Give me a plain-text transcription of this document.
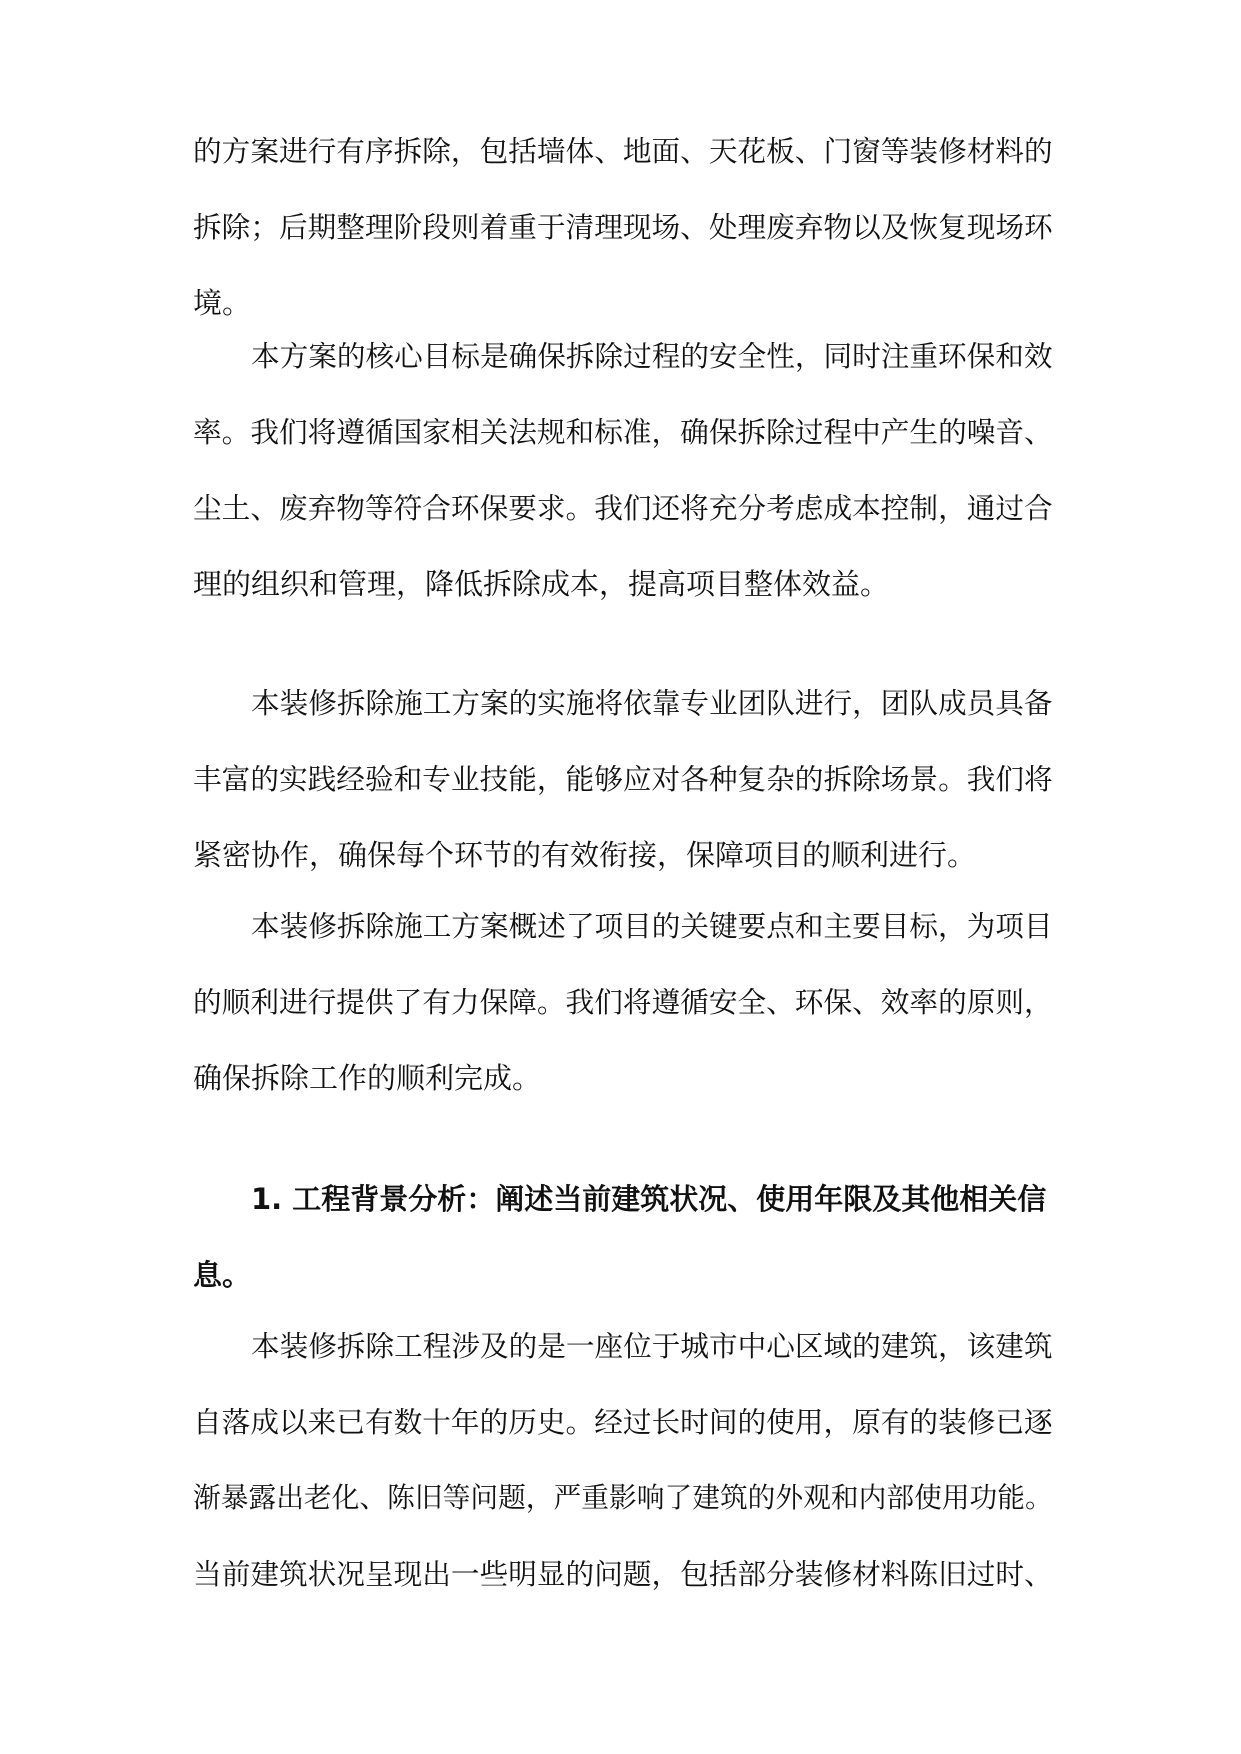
的方案进行有序拆除，包括墙体、地面、天花板、门窗等装修材料的
拆除；后期整理阶段则着重于清理现场、处理废弃物以及恢复现场环
境。
本方案的核心目标是确保拆除过程的安全性，同时注重环保和效
率。我们将遵循国家相关法规和标准，确保拆除过程中产生的噪音、
尘土、废弃物等符合环保要求。我们还将充分考虑成本控制，通过合
理的组织和管理，降低拆除成本，提高项目整体效益。
本装修拆除施工方案的实施将依靠专业团队进行，团队成员具备
丰富的实践经验和专业技能，能够应对各种复杂的拆除场景。我们将
紧密协作，确保每个环节的有效衔接，保障项目的顺利进行。
本装修拆除施工方案概述了项目的关键要点和主要目标，为项目
的顺利进行提供了有力保障。我们将遵循安全、环保、效率的原则，
确保拆除工作的顺利完成。
1. 工程背景分析：阐述当前建筑状况、使用年限及其他相关信
息。
本装修拆除工程涉及的是一座位于城市中心区域的建筑，该建筑
自落成以来已有数十年的历史。经过长时间的使用，原有的装修已逐
渐暴露出老化、陈旧等问题，严重影响了建筑的外观和内部使用功能。
当前建筑状况呈现出一些明显的问题，包括部分装修材料陈旧过时、
